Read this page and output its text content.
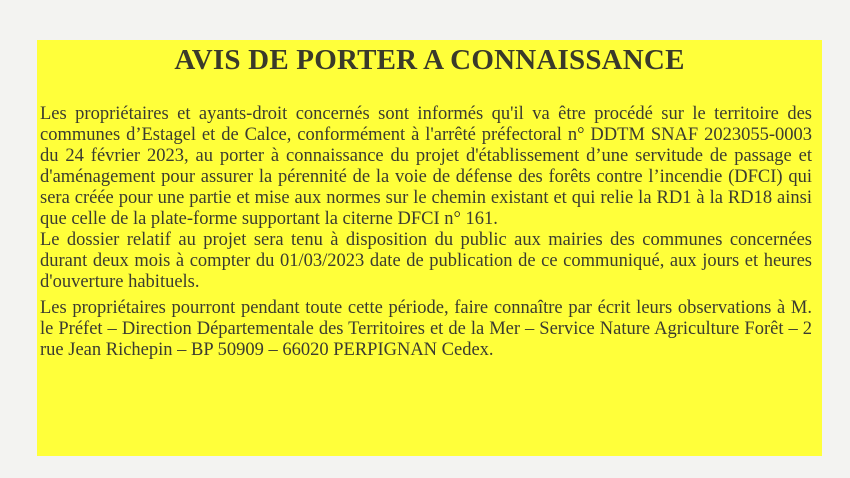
AVIS DE PORTER A CONNAISSANCE

Les propriétaires et ayants-droit concernés sont informés qu'il va être procédé sur le territoire des communes d’Estagel et de Calce, conformément à l'arrêté préfectoral n° DDTM SNAF 2023055-0003 du 24 février 2023, au porter à connaissance du projet d'établissement d’une servitude de passage et d'aménagement pour assurer la pérennité de la voie de défense des forêts contre l’incendie (DFCI) qui sera créée pour une partie et mise aux normes sur le chemin existant et qui relie la RD1 à la RD18 ainsi que celle de la plate-forme supportant la citerne DFCI n° 161.

Le dossier relatif au projet sera tenu à disposition du public aux mairies des communes concernées durant deux mois à compter du 01/03/2023 date de publication de ce communiqué, aux jours et heures d'ouverture habituels.

Les propriétaires pourront pendant toute cette période, faire connaître par écrit leurs observations à M. le Préfet – Direction Départementale des Territoires et de la Mer – Service Nature Agriculture Forêt – 2 rue Jean Richepin – BP 50909 – 66020 PERPIGNAN Cedex.
